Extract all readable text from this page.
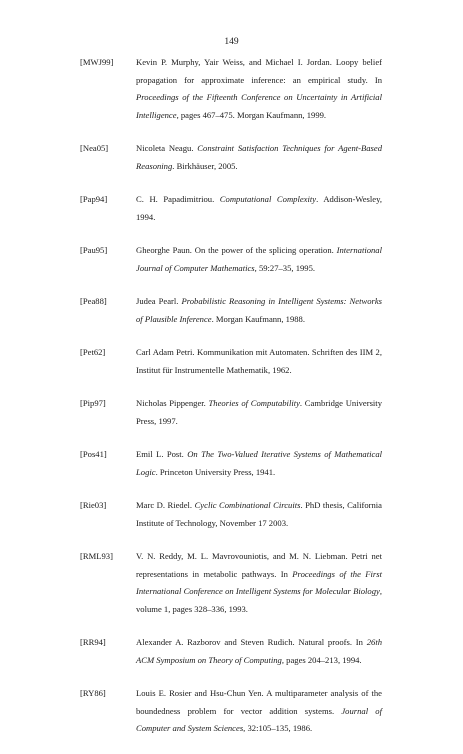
149
[MWJ99]	Kevin P. Murphy, Yair Weiss, and Michael I. Jordan. Loopy belief propagation for approximate inference: an empirical study. In Proceedings of the Fifteenth Conference on Uncertainty in Artificial Intelligence, pages 467–475. Morgan Kaufmann, 1999.
[Nea05]	Nicoleta Neagu. Constraint Satisfaction Techniques for Agent-Based Reasoning. Birkhäuser, 2005.
[Pap94]	C. H. Papadimitriou. Computational Complexity. Addison-Wesley, 1994.
[Pau95]	Gheorghe Paun. On the power of the splicing operation. International Journal of Computer Mathematics, 59:27–35, 1995.
[Pea88]	Judea Pearl. Probabilistic Reasoning in Intelligent Systems: Networks of Plausible Inference. Morgan Kaufmann, 1988.
[Pet62]	Carl Adam Petri. Kommunikation mit Automaten. Schriften des IIM 2, Institut für Instrumentelle Mathematik, 1962.
[Pip97]	Nicholas Pippenger. Theories of Computability. Cambridge University Press, 1997.
[Pos41]	Emil L. Post. On The Two-Valued Iterative Systems of Mathematical Logic. Princeton University Press, 1941.
[Rie03]	Marc D. Riedel. Cyclic Combinational Circuits. PhD thesis, California Institute of Technology, November 17 2003.
[RML93]	V. N. Reddy, M. L. Mavrovouniotis, and M. N. Liebman. Petri net representations in metabolic pathways. In Proceedings of the First International Conference on Intelligent Systems for Molecular Biology, volume 1, pages 328–336, 1993.
[RR94]	Alexander A. Razborov and Steven Rudich. Natural proofs. In 26th ACM Symposium on Theory of Computing, pages 204–213, 1994.
[RY86]	Louis E. Rosier and Hsu-Chun Yen. A multiparameter analysis of the boundedness problem for vector addition systems. Journal of Computer and System Sciences, 32:105–135, 1986.
